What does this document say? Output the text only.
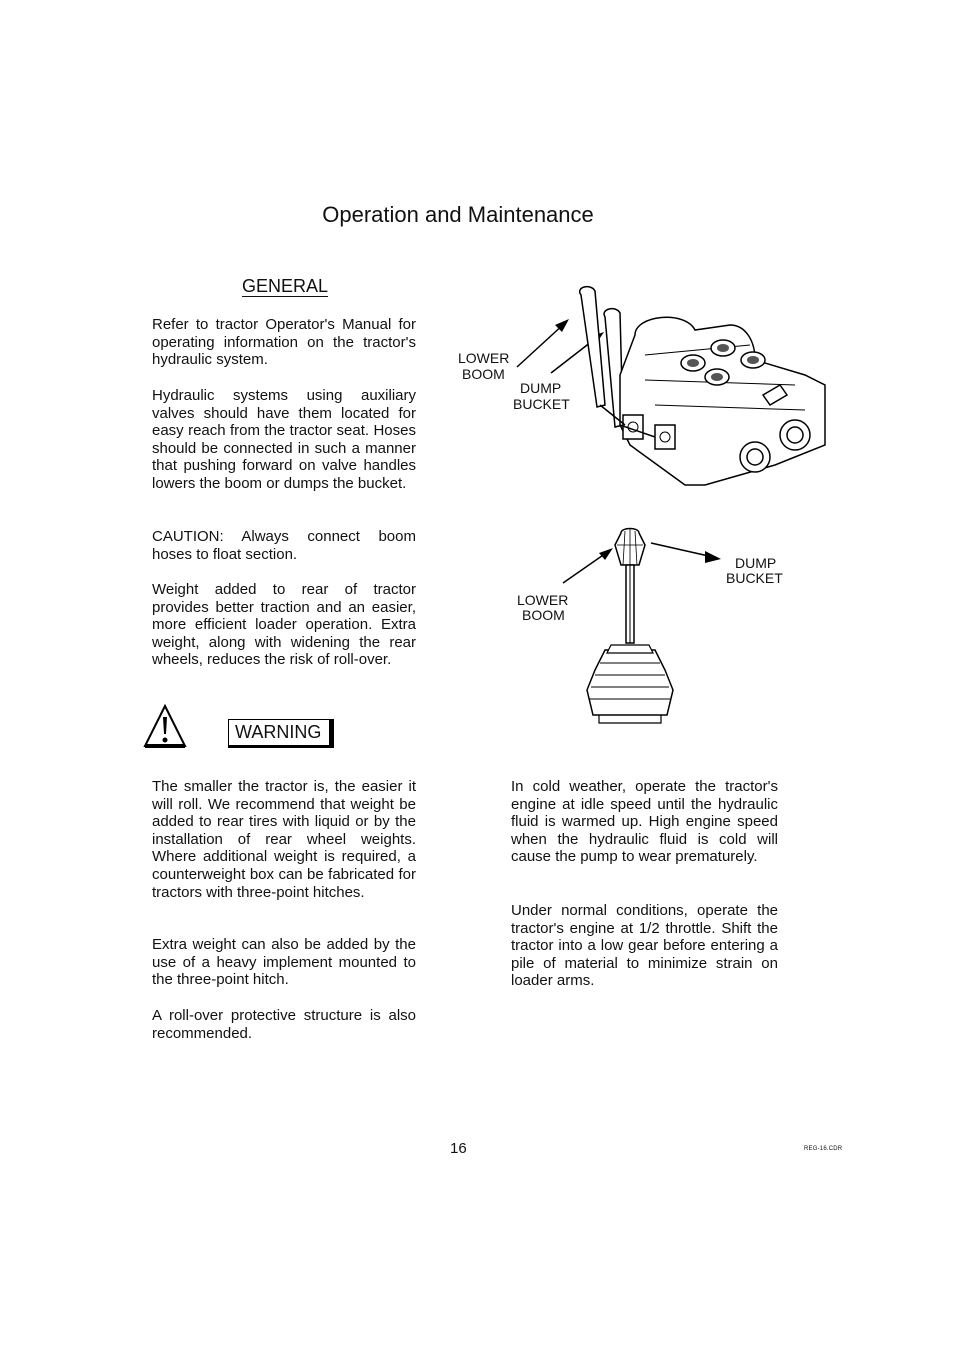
Operation and Maintenance
GENERAL

Refer to tractor Operator's Manual for operating information on the tractor's hydraulic system.

Hydraulic systems using auxiliary valves should have them located for easy reach from the tractor seat. Hoses should be connected in such a manner that pushing forward on valve handles lowers the boom or dumps the bucket.

CAUTION: Always connect boom hoses to float section.

Weight added to rear of tractor provides better traction and an easier, more efficient loader operation. Extra weight, along with widening the rear wheels, reduces the risk of roll-over.

WARNING

The smaller the tractor is, the easier it will roll. We recommend that weight be added to rear tires with liquid or by the installation of rear wheel weights. Where additional weight is required, a counterweight box can be fabricated for tractors with three-point hitches.

Extra weight can also be added by the use of a heavy implement mounted to the three-point hitch.

A roll-over protective structure is also recommended.

In cold weather, operate the tractor's engine at idle speed until the hydraulic fluid is warmed up. High engine speed when the hydraulic fluid is cold will cause the pump to wear prematurely.

Under normal conditions, operate the tractor's engine at 1/2 throttle. Shift the tractor into a low gear before entering a pile of material to minimize strain on loader arms.

LOWER
BOOM
DUMP
BUCKET
DUMP
BUCKET
LOWER
BOOM
16	REG-16.CDR
